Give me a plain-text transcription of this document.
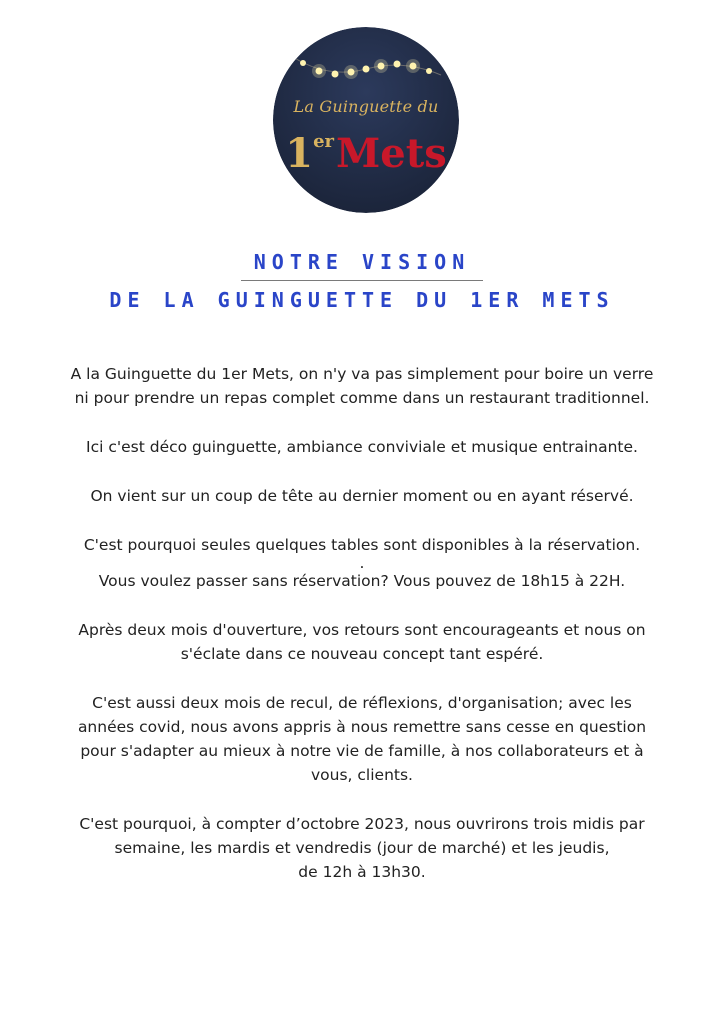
La Guinguette du
1erMets
NOTRE VISION
DE LA GUINGUETTE DU 1ER METS

A la Guinguette du 1er Mets, on n'y va pas simplement pour boire un verre

ni pour prendre un repas complet comme dans un restaurant traditionnel.

Ici c'est déco guinguette, ambiance conviviale et musique entrainante.

On vient sur un coup de tête au dernier moment ou en ayant réservé.

C'est pourquoi seules quelques tables sont disponibles à la réservation.

.

Vous voulez passer sans réservation? Vous pouvez de 18h15 à 22H.

Après deux mois d'ouverture, vos retours sont encourageants et nous on

s'éclate dans ce nouveau concept tant espéré.

C'est aussi deux mois de recul, de réflexions, d'organisation; avec les

années covid, nous avons appris à nous remettre sans cesse en question

pour s'adapter au mieux à notre vie de famille, à nos collaborateurs et à

vous, clients.

C'est pourquoi, à compter d’octobre 2023, nous ouvrirons trois midis par

semaine, les mardis et vendredis (jour de marché) et les jeudis,

de 12h à 13h30.
